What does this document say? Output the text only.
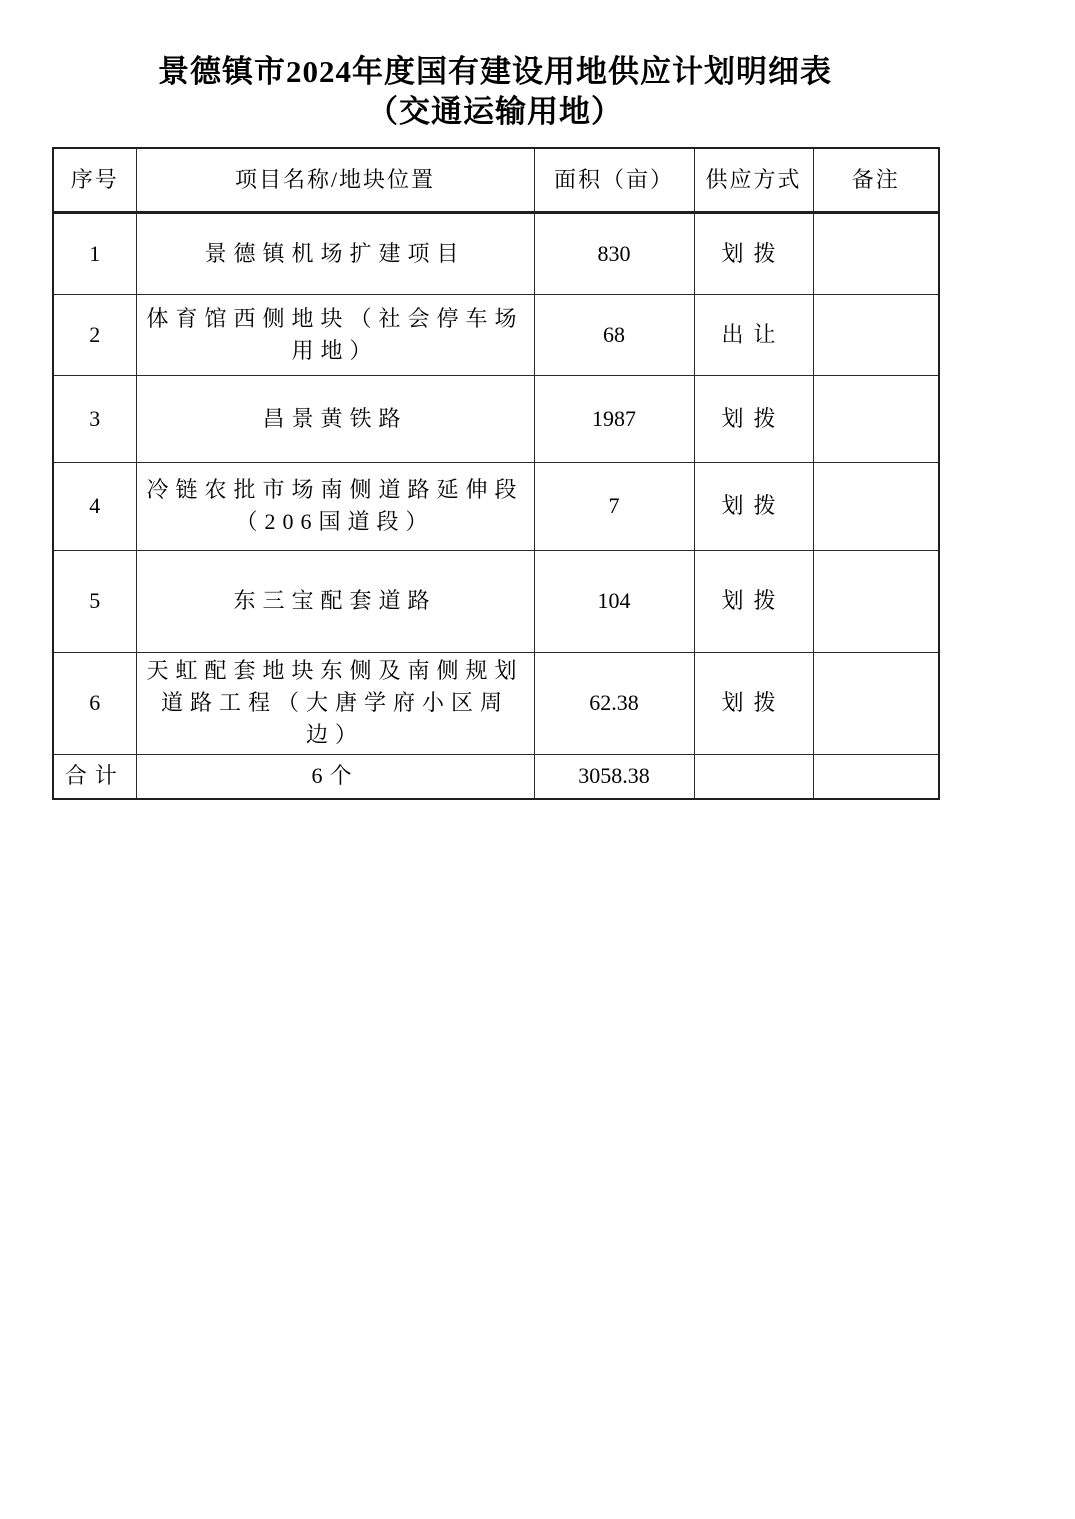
景德镇市2024年度国有建设用地供应计划明细表
（交通运输用地）
序号	项目名称/地块位置	面积（亩）	供应方式	备注
1	景德镇机场扩建项目	830	划拨	
2	体育馆西侧地块（社会停车场用地）	68	出让	
3	昌景黄铁路	1987	划拨	
4	冷链农批市场南侧道路延伸段（206国道段）	7	划拨	
5	东三宝配套道路	104	划拨	
6	天虹配套地块东侧及南侧规划道路工程（大唐学府小区周边）	62.38	划拨	
合计	6个	3058.38		
